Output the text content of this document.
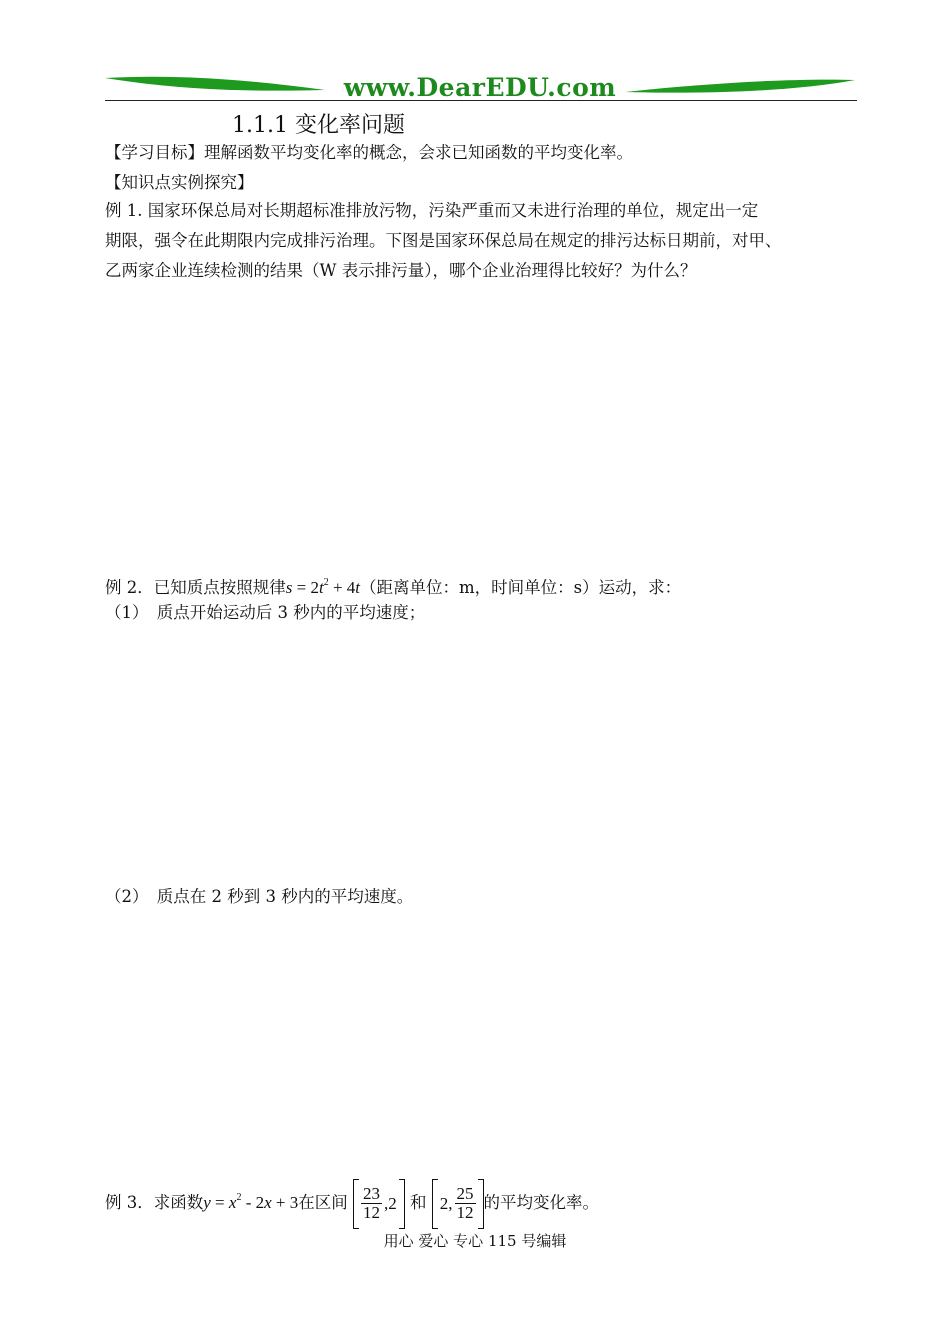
www.DearEDU.com
1.1.1 变化率问题
【学习目标】理解函数平均变化率的概念，会求已知函数的平均变化率。
【知识点实例探究】
例 1. 国家环保总局对长期超标准排放污物，污染严重而又未进行治理的单位，规定出一定
期限，强令在此期限内完成排污治理。下图是国家环保总局在规定的排污达标日期前，对甲、
乙两家企业连续检测的结果（W 表示排污量），哪个企业治理得比较好？为什么？
例 2．已知质点按照规律$s = 2t^2 + 4t$（距离单位：m，时间单位：s）运动，求：
（1）　质点开始运动后 3 秒内的平均速度；
（2）　质点在 2 秒到 3 秒内的平均速度。
例 3．求函数$y = x^2 - 2x + 3$在区间 $\frac{23}{12} ,2$ 和 2, $\frac{25}{12}$ 的平均变化率。
用心 爱心 专心 115 号编辑
